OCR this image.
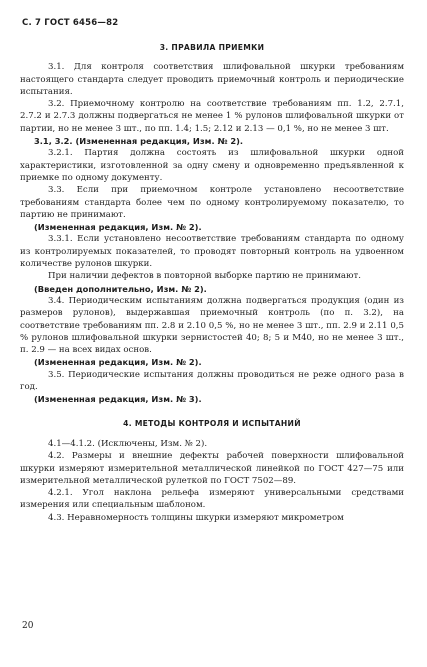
С. 7 ГОСТ 6456—82
3. ПРАВИЛА ПРИЕМКИ

3.1. Для контроля соответствия шлифовальной шкурки требованиям настоящего стандарта следует проводить приемочный контроль и периодические испытания.

3.2. Приемочному контролю на соответствие требованиям пп. 1.2, 2.7.1, 2.7.2 и 2.7.3 должны подвергаться не менее 1 % рулонов шлифовальной шкурки от партии, но не менее 3 шт., по пп. 1.4; 1.5; 2.12 и 2.13 — 0,1 %, но не менее 3 шт.

3.1, 3.2. (Измененная редакция, Изм. № 2).

3.2.1. Партия должна состоять из шлифовальной шкурки одной характеристики, изготовленной за одну смену и одновременно предъявленной к приемке по одному документу.

3.3. Если при приемочном контроле установлено несоответствие требованиям стандарта более чем по одному контролируемому показателю, то партию не принимают.

(Измененная редакция, Изм. № 2).

3.3.1. Если установлено несоответствие требованиям стандарта по одному из контролируемых показателей, то проводят повторный контроль на удвоенном количестве рулонов шкурки.

При наличии дефектов в повторной выборке партию не принимают.

(Введен дополнительно, Изм. № 2).

3.4. Периодическим испытаниям должна подвергаться продукция (один из размеров рулонов), выдержавшая приемочный контроль (по п. 3.2), на соответствие требованиям пп. 2.8 и 2.10 0,5 %, но не менее 3 шт., пп. 2.9 и 2.11 0,5 % рулонов шлифовальной шкурки зернистостей 40; 8; 5 и М40, но не менее 3 шт., п. 2.9 — на всех видах основ.

(Измененная редакция, Изм. № 2).

3.5. Периодические испытания должны проводиться не реже одного раза в год.

(Измененная редакция, Изм. № 3).

4. МЕТОДЫ КОНТРОЛЯ И ИСПЫТАНИЙ

4.1—4.1.2. (Исключены, Изм. № 2).

4.2. Размеры и внешние дефекты рабочей поверхности шлифовальной шкурки измеряют измерительной металлической линейкой по ГОСТ 427—75 или измерительной металлической рулеткой по ГОСТ 7502—89.

4.2.1. Угол наклона рельефа измеряют универсальными средствами измерения или специальным шаблоном.

4.3. Неравномерность толщины шкурки измеряют микрометром

20
